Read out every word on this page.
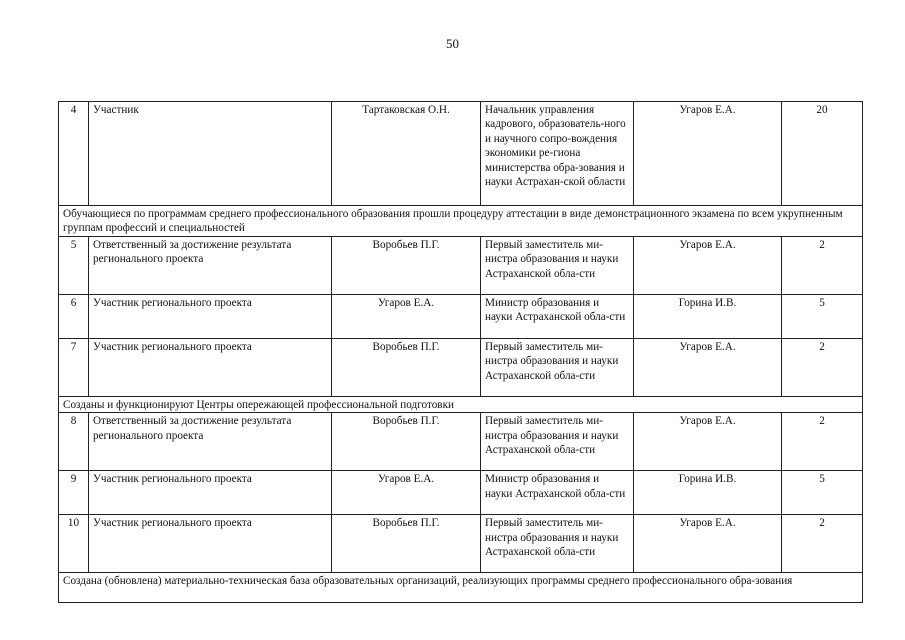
50
4	Участник	Тартаковская О.Н.	Начальник управления кадрового, образователь-ного и научного сопро-вождения экономики ре-гиона министерства обра-зования и науки Астрахан-ской области	Угаров Е.А.	20
Обучающиеся по программам среднего профессионального образования прошли процедуру аттестации в виде демонстрационного экзамена по всем укрупненным группам профессий и специальностей					
5	Ответственный за достижение результата регионального проекта	Воробьев П.Г.	Первый заместитель ми-нистра образования и науки Астраханской обла-сти	Угаров Е.А.	2
6	Участник регионального проекта	Угаров Е.А.	Министр образования и науки Астраханской обла-сти	Горина И.В.	5
7	Участник регионального проекта	Воробьев П.Г.	Первый заместитель ми-нистра образования и науки Астраханской обла-сти	Угаров Е.А.	2
Созданы и функционируют Центры опережающей профессиональной подготовки					
8	Ответственный за достижение результата регионального проекта	Воробьев П.Г.	Первый заместитель ми-нистра образования и науки Астраханской обла-сти	Угаров Е.А.	2
9	Участник регионального проекта	Угаров Е.А.	Министр образования и науки Астраханской обла-сти	Горина И.В.	5
10	Участник регионального проекта	Воробьев П.Г.	Первый заместитель ми-нистра образования и науки Астраханской обла-сти	Угаров Е.А.	2
Создана (обновлена) материально-техническая база образовательных организаций, реализующих программы среднего профессионального обра-зования					
